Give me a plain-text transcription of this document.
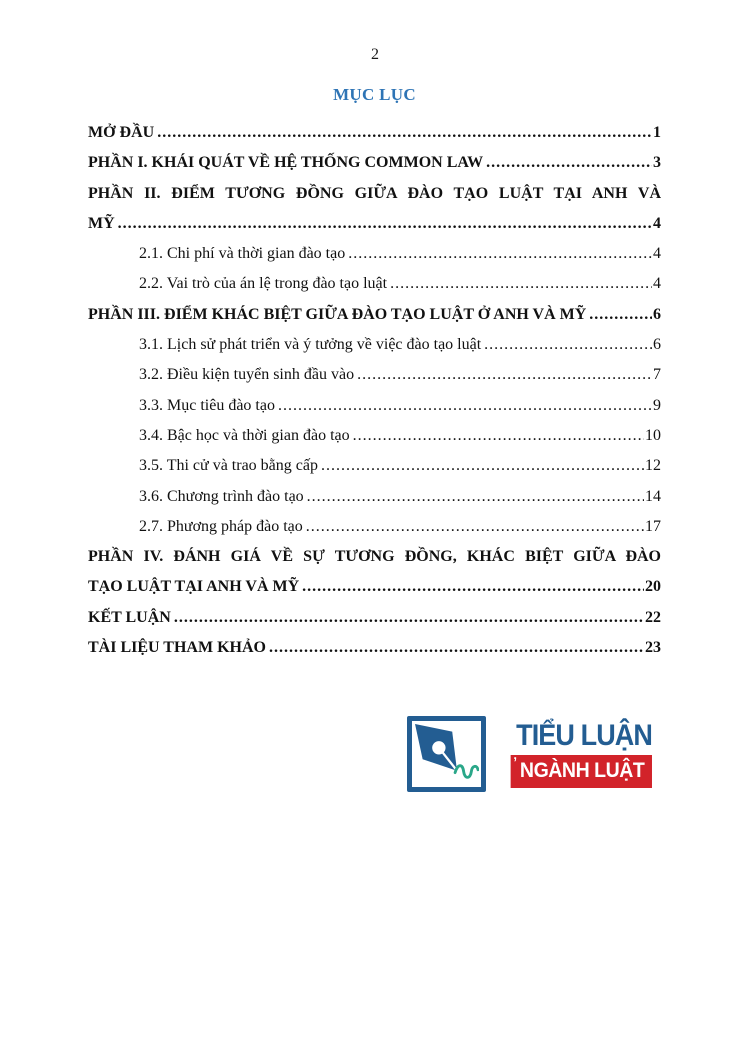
2
MỤC LỤC
MỞ ĐẦU .....	1
PHẦN I. KHÁI QUÁT VỀ HỆ THỐNG COMMON LAW .....	3
PHẦN II. ĐIỂM TƯƠNG ĐỒNG GIỮA ĐÀO TẠO LUẬT TẠI ANH VÀ
MỸ .....	4
2.1. Chi phí và thời gian đào tạo .....	4
2.2. Vai trò của án lệ trong đào tạo luật .....	4
PHẦN III. ĐIỂM KHÁC BIỆT GIỮA ĐÀO TẠO LUẬT Ở ANH VÀ MỸ .....	6
3.1. Lịch sử phát triển và ý tưởng về việc đào tạo luật .....	6
3.2. Điều kiện tuyển sinh đầu vào .....	7
3.3. Mục tiêu đào tạo .....	9
3.4. Bậc học và thời gian đào tạo .....	10
3.5. Thi cử và trao bằng cấp .....	12
3.6. Chương trình đào tạo .....	14
2.7. Phương pháp đào tạo .....	17
PHẦN IV. ĐÁNH GIÁ VỀ SỰ TƯƠNG ĐỒNG, KHÁC BIỆT GIỮA ĐÀO
TẠO LUẬT TẠI ANH VÀ MỸ .....	20
KẾT LUẬN .....	22
TÀI LIỆU THAM KHẢO .....	23
TIỂU LUẬN
ʼ NGÀNH LUẬT
